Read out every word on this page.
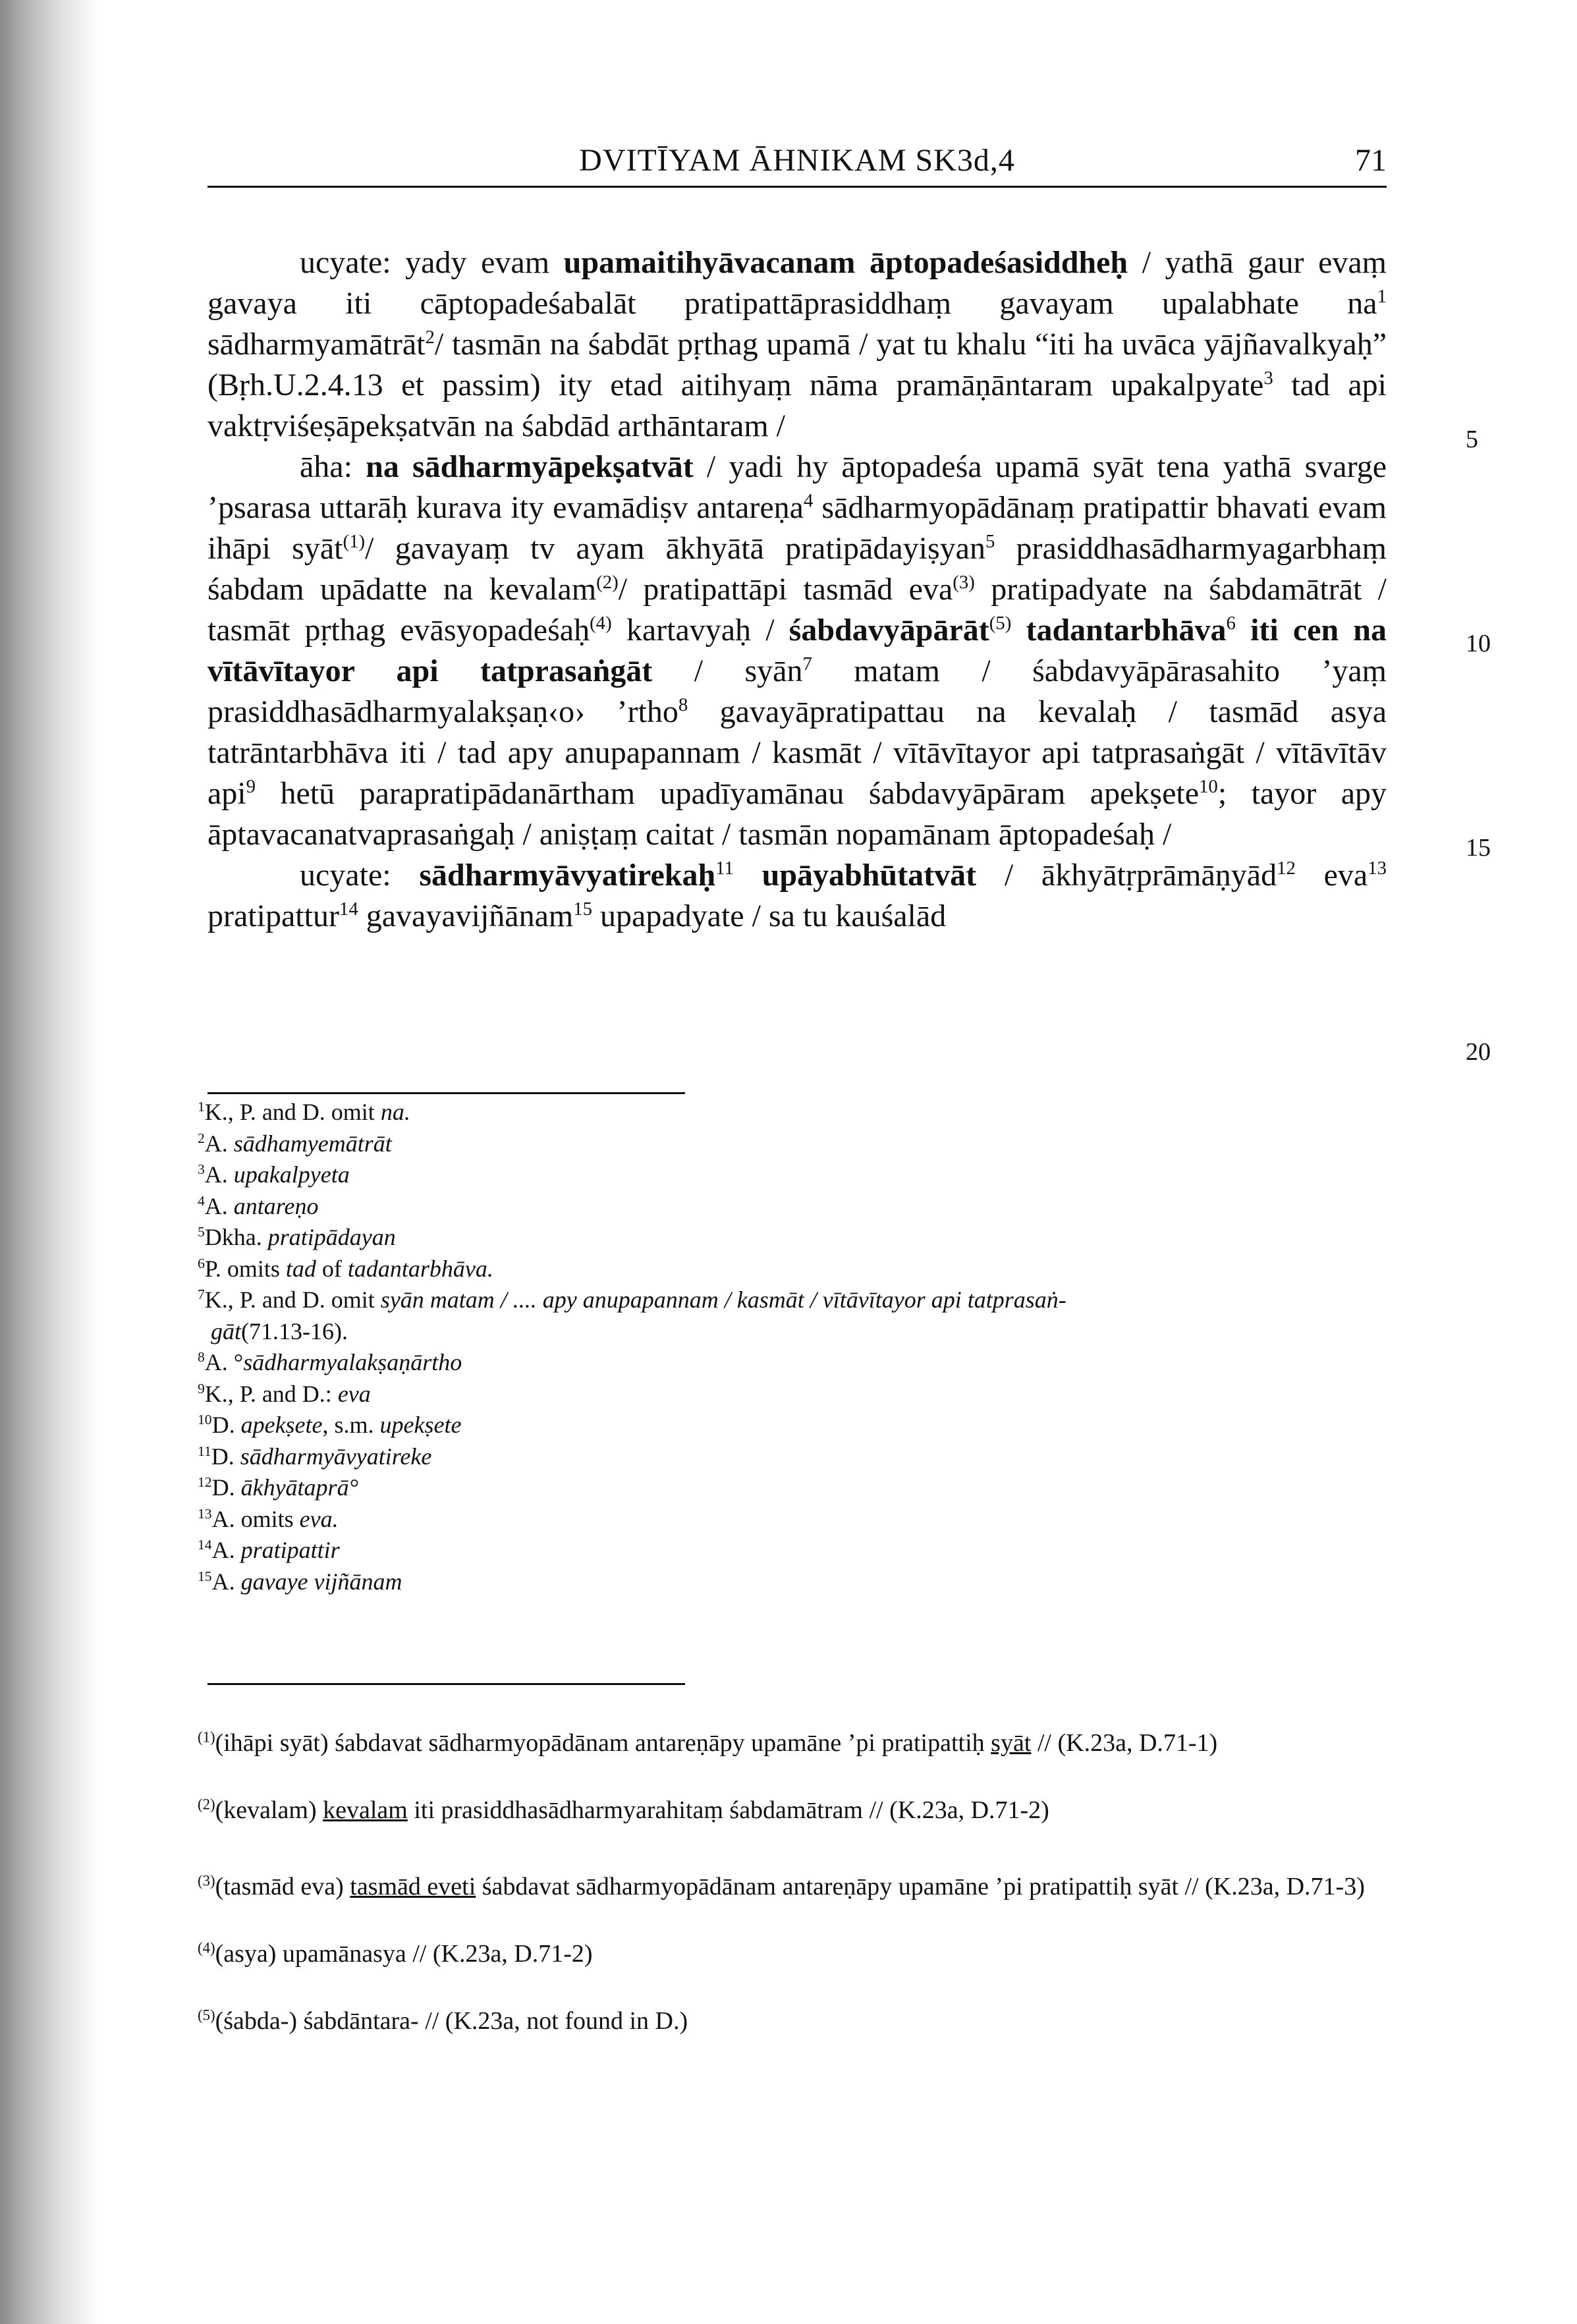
DVITĪYAM ĀHNIKAM SK3d,4	71

ucyate: yady evam upamaitihyāvacanam āptopadeśasiddheḥ / yathā gaur evaṃ gavaya iti cāptopadeśabalāt pratipattāprasiddhaṃ gavayam upalabhate $na^1$ sādharmyamātrāt$^2$/ tasmān na śabdāt pṛthag upamā / yat tu khalu “iti ha uvāca yājñavalkyaḥ” (Bṛh.U.2.4.13 et passim) ity etad aitihyaṃ nāma pramāṇāntaram upakalpyate$^3$ tad api vaktṛviśeṣāpekṣatvān na śabdād arthāntaram /

āha: na sādharmyāpekṣatvāt / yadi hy āptopadeśa upamā syāt tena yathā svarge ’psarasa uttarāḥ kurava ity evamādiṣv antareṇa$^4$ sādharmyopādānaṃ pratipattir bhavati evam ihāpi syāt$^{(1)}$/ gavayaṃ tv ayam ākhyātā pratipādayiṣyan$^5$ prasiddhasādharmyagarbhaṃ śabdam upādatte na kevalam$^{(2)}$/ pratipattāpi tasmād eva$^{(3)}$ pratipadyate na śabdamātrāt / tasmāt pṛthag evāsyopadeśaḥ$^{(4)}$ kartavyaḥ / śabdavyāpārāt$^{(5)}$ tadantarbhāva$^6$ iti cen na vītāvītayor api tatprasaṅgāt / syān$^7$ matam / śabdavyāpārasahito ’yaṃ prasiddhasādharmyalakṣaṇ‹o› ’rtho$^8$ gavayāpratipattau na kevalaḥ / tasmād asya tatrāntarbhāva iti / tad apy anupapannam / kasmāt / vītāvītayor api tatprasaṅgāt / vītāvītāv api$^9$ hetū parapratipādanārtham upadīyamānau śabdavyāpāram apekṣete$^{10}$; tayor apy āptavacanatvaprasaṅgaḥ / aniṣṭaṃ caitat / tasmān nopamānam āptopadeśaḥ /

ucyate: sādharmyāvyatirekaḥ$^{11}$ upāyabhūtatvāt / ākhyātṛprāmāṇyād$^{12}$ eva$^{13}$ pratipattur$^{14}$ gavayavijñānam$^{15}$ upapadyate / sa tu kauśalād

5
10
15
20
$^1$K., P. and D. omit na.
$^2$A. sādhamyemātrāt
$^3$A. upakalpyeta
$^4$A. antareṇo
$^5$Dkha. pratipādayan
$^6$P. omits tad of tadantarbhāva.
$^7$K., P. and D. omit syān matam / .... apy anupapannam / kasmāt / vītāvītayor api tatprasaṅ-
gāt(71.13-16).
$^8$A. °sādharmyalakṣaṇārtho
$^9$K., P. and D.: eva
$^{10}$D. apekṣete, s.m. upekṣete
$^{11}$D. sādharmyāvyatireke
$^{12}$D. ākhyātaprā°
$^{13}$A. omits eva.
$^{14}$A. pratipattir
$^{15}$A. gavaye vijñānam
$^{(1)}$(ihāpi syāt) śabdavat sādharmyopādānam antareṇāpy upamāne ’pi pratipattiḥ syāt // (K.23a, D.71-1)
$^{(2)}$(kevalam) kevalam iti prasiddhasādharmyarahitaṃ śabdamātram // (K.23a, D.71-2)
$^{(3)}$(tasmād eva) tasmād eveti śabdavat sādharmyopādānam antareṇāpy upamāne ’pi pratipattiḥ syāt // (K.23a, D.71-3)
$^{(4)}$(asya) upamānasya // (K.23a, D.71-2)
$^{(5)}$(śabda-) śabdāntara- // (K.23a, not found in D.)
